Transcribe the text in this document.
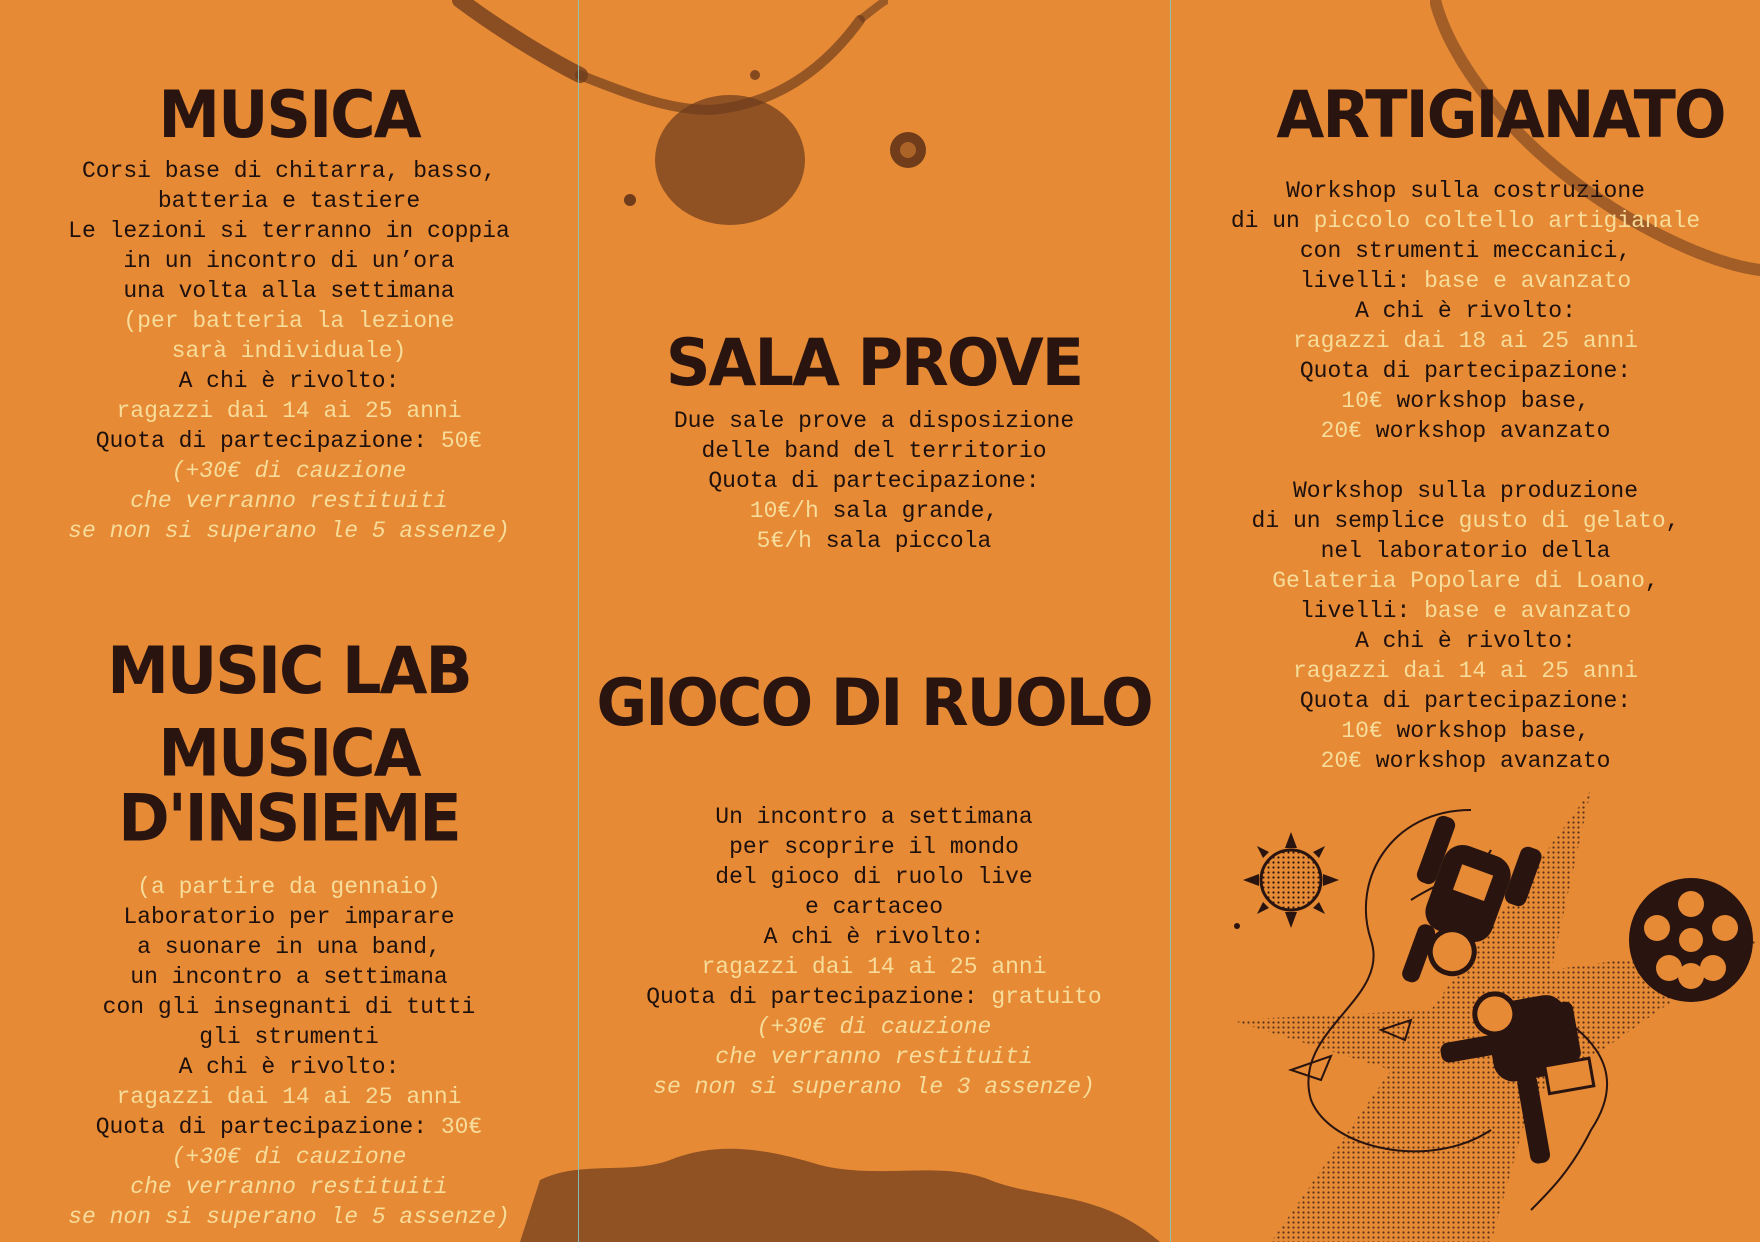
MUSICA
Corsi base di chitarra, basso,
batteria e tastiere
Le lezioni si terranno in coppia
in un incontro di un’ora
una volta alla settimana
(per batteria la lezione
sarà individuale)
A chi è rivolto:
ragazzi dai 14 ai 25 anni
Quota di partecipazione: 50€
(+30€ di cauzione
che verranno restituiti
se non si superano le 5 assenze)
MUSIC LAB
MUSICA D'INSIEME
(a partire da gennaio)
Laboratorio per imparare
a suonare in una band,
un incontro a settimana
con gli insegnanti di tutti
gli strumenti
A chi è rivolto:
ragazzi dai 14 ai 25 anni
Quota di partecipazione: 30€
(+30€ di cauzione
che verranno restituiti
se non si superano le 5 assenze)
SALA PROVE
Due sale prove a disposizione
delle band del territorio
Quota di partecipazione:
10€/h sala grande,
5€/h sala piccola
GIOCO DI RUOLO
Un incontro a settimana
per scoprire il mondo
del gioco di ruolo live
e cartaceo
A chi è rivolto:
ragazzi dai 14 ai 25 anni
Quota di partecipazione: gratuito
(+30€ di cauzione
che verranno restituiti
se non si superano le 3 assenze)
ARTIGIANATO
Workshop sulla costruzione
di un piccolo coltello artigianale
con strumenti meccanici,
livelli: base e avanzato
A chi è rivolto:
ragazzi dai 18 ai 25 anni
Quota di partecipazione:
10€ workshop base,
20€ workshop avanzato
Workshop sulla produzione
di un semplice gusto di gelato,
nel laboratorio della
Gelateria Popolare di Loano,
livelli: base e avanzato
A chi è rivolto:
ragazzi dai 14 ai 25 anni
Quota di partecipazione:
10€ workshop base,
20€ workshop avanzato
